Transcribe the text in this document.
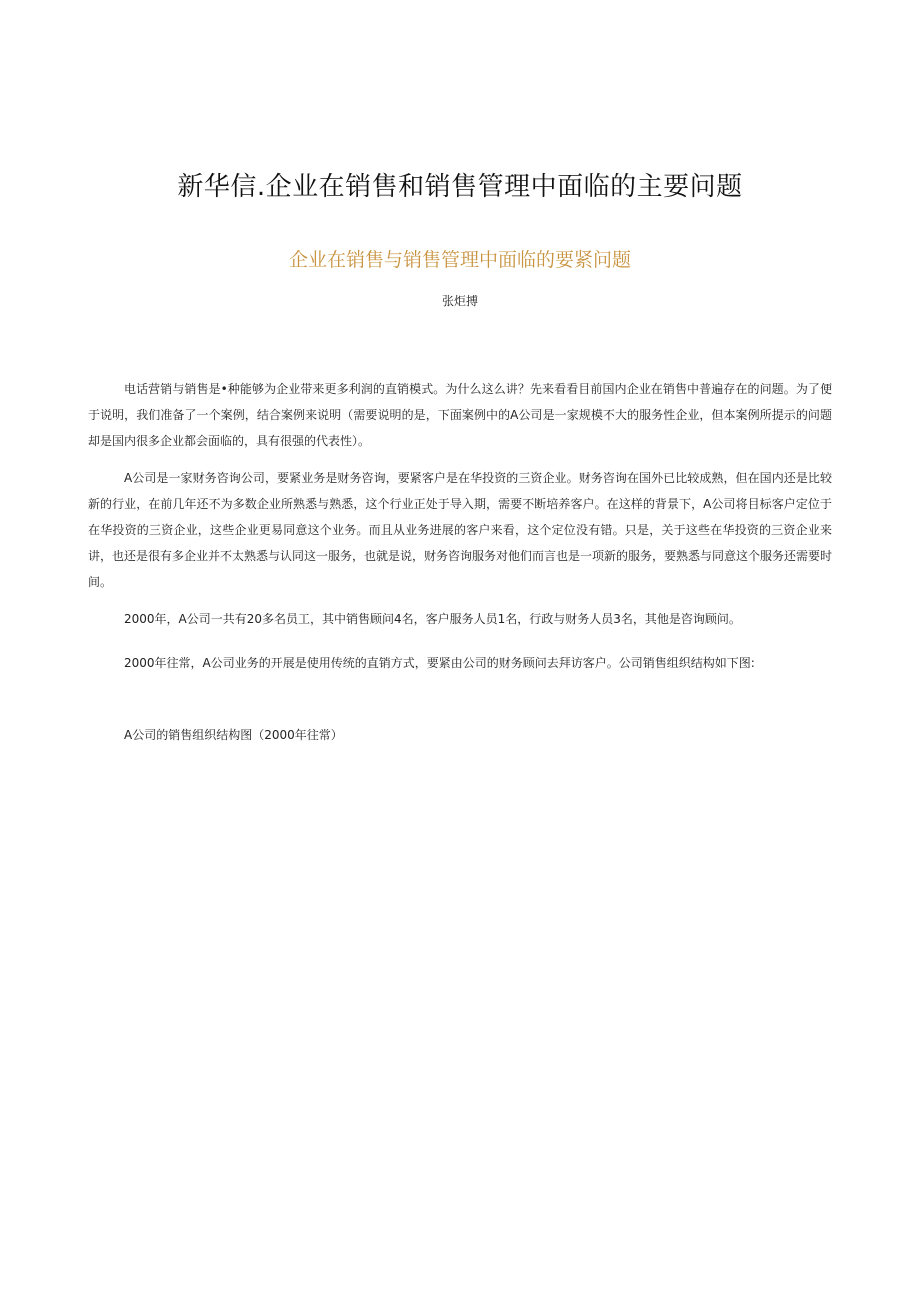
新华信.企业在销售和销售管理中面临的主要问题
企业在销售与销售管理中面临的要紧问题
张炬搏

电话营销与销售是•种能够为企业带来更多利润的直销模式。为什么这么讲？先来看看目前国内企业在销售中普遍存在的问题。为了便于说明，我们准备了一个案例，结合案例来说明（需要说明的是，下面案例中的A公司是一家规模不大的服务性企业，但本案例所提示的问题却是国内很多企业都会面临的，具有很强的代表性）。

A公司是一家财务咨询公司，要紧业务是财务咨询，要紧客户是在华投资的三资企业。财务咨询在国外已比较成熟，但在国内还是比较新的行业，在前几年还不为多数企业所熟悉与熟悉，这个行业正处于导入期，需要不断培养客户。在这样的背景下，A公司将目标客户定位于在华投资的三资企业，这些企业更易同意这个业务。而且从业务进展的客户来看，这个定位没有错。只是，关于这些在华投资的三资企业来讲，也还是很有多企业并不太熟悉与认同这一服务，也就是说，财务咨询服务对他们而言也是一项新的服务，要熟悉与同意这个服务还需要时间。

2000年，A公司一共有20多名员工，其中销售顾问4名，客户服务人员1名，行政与财务人员3名，其他是咨询顾问。

2000年往常，A公司业务的开展是使用传统的直销方式，要紧由公司的财务顾问去拜访客户。公司销售组织结构如下图:

A公司的销售组织结构图（2000年往常）
